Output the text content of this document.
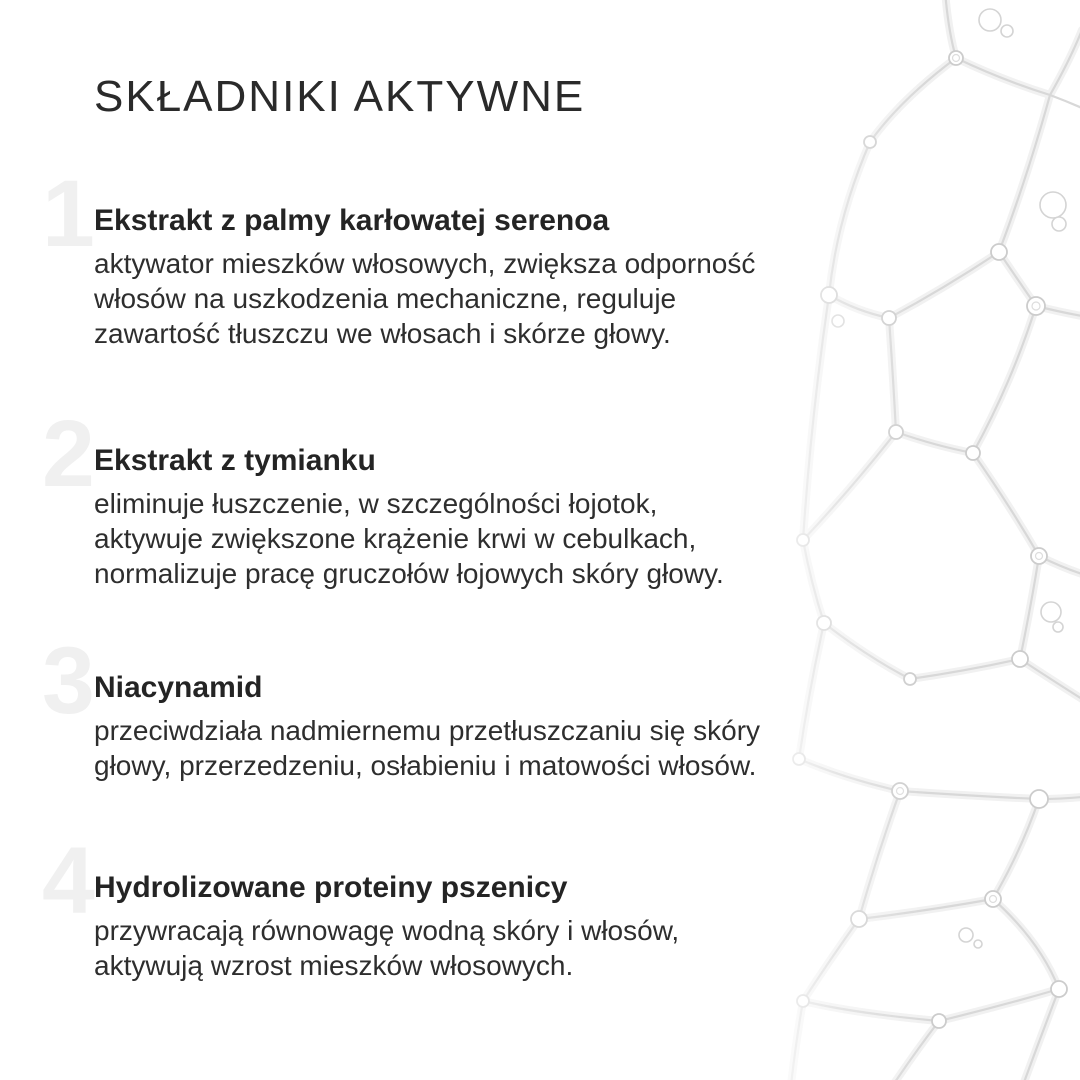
SKŁADNIKI AKTYWNE
1 Ekstrakt z palmy karłowatej serenoa
aktywator mieszków włosowych, zwiększa odporność
włosów na uszkodzenia mechaniczne, reguluje
zawartość tłuszczu we włosach i skórze głowy.
2 Ekstrakt z tymianku
eliminuje łuszczenie, w szczególności łojotok,
aktywuje zwiększone krążenie krwi w cebulkach,
normalizuje pracę gruczołów łojowych skóry głowy.
3 Niacynamid
przeciwdziała nadmiernemu przetłuszczaniu się skóry
głowy, przerzedzeniu, osłabieniu i matowości włosów.
4 Hydrolizowane proteiny pszenicy
przywracają równowagę wodną skóry i włosów,
aktywują wzrost mieszków włosowych.
